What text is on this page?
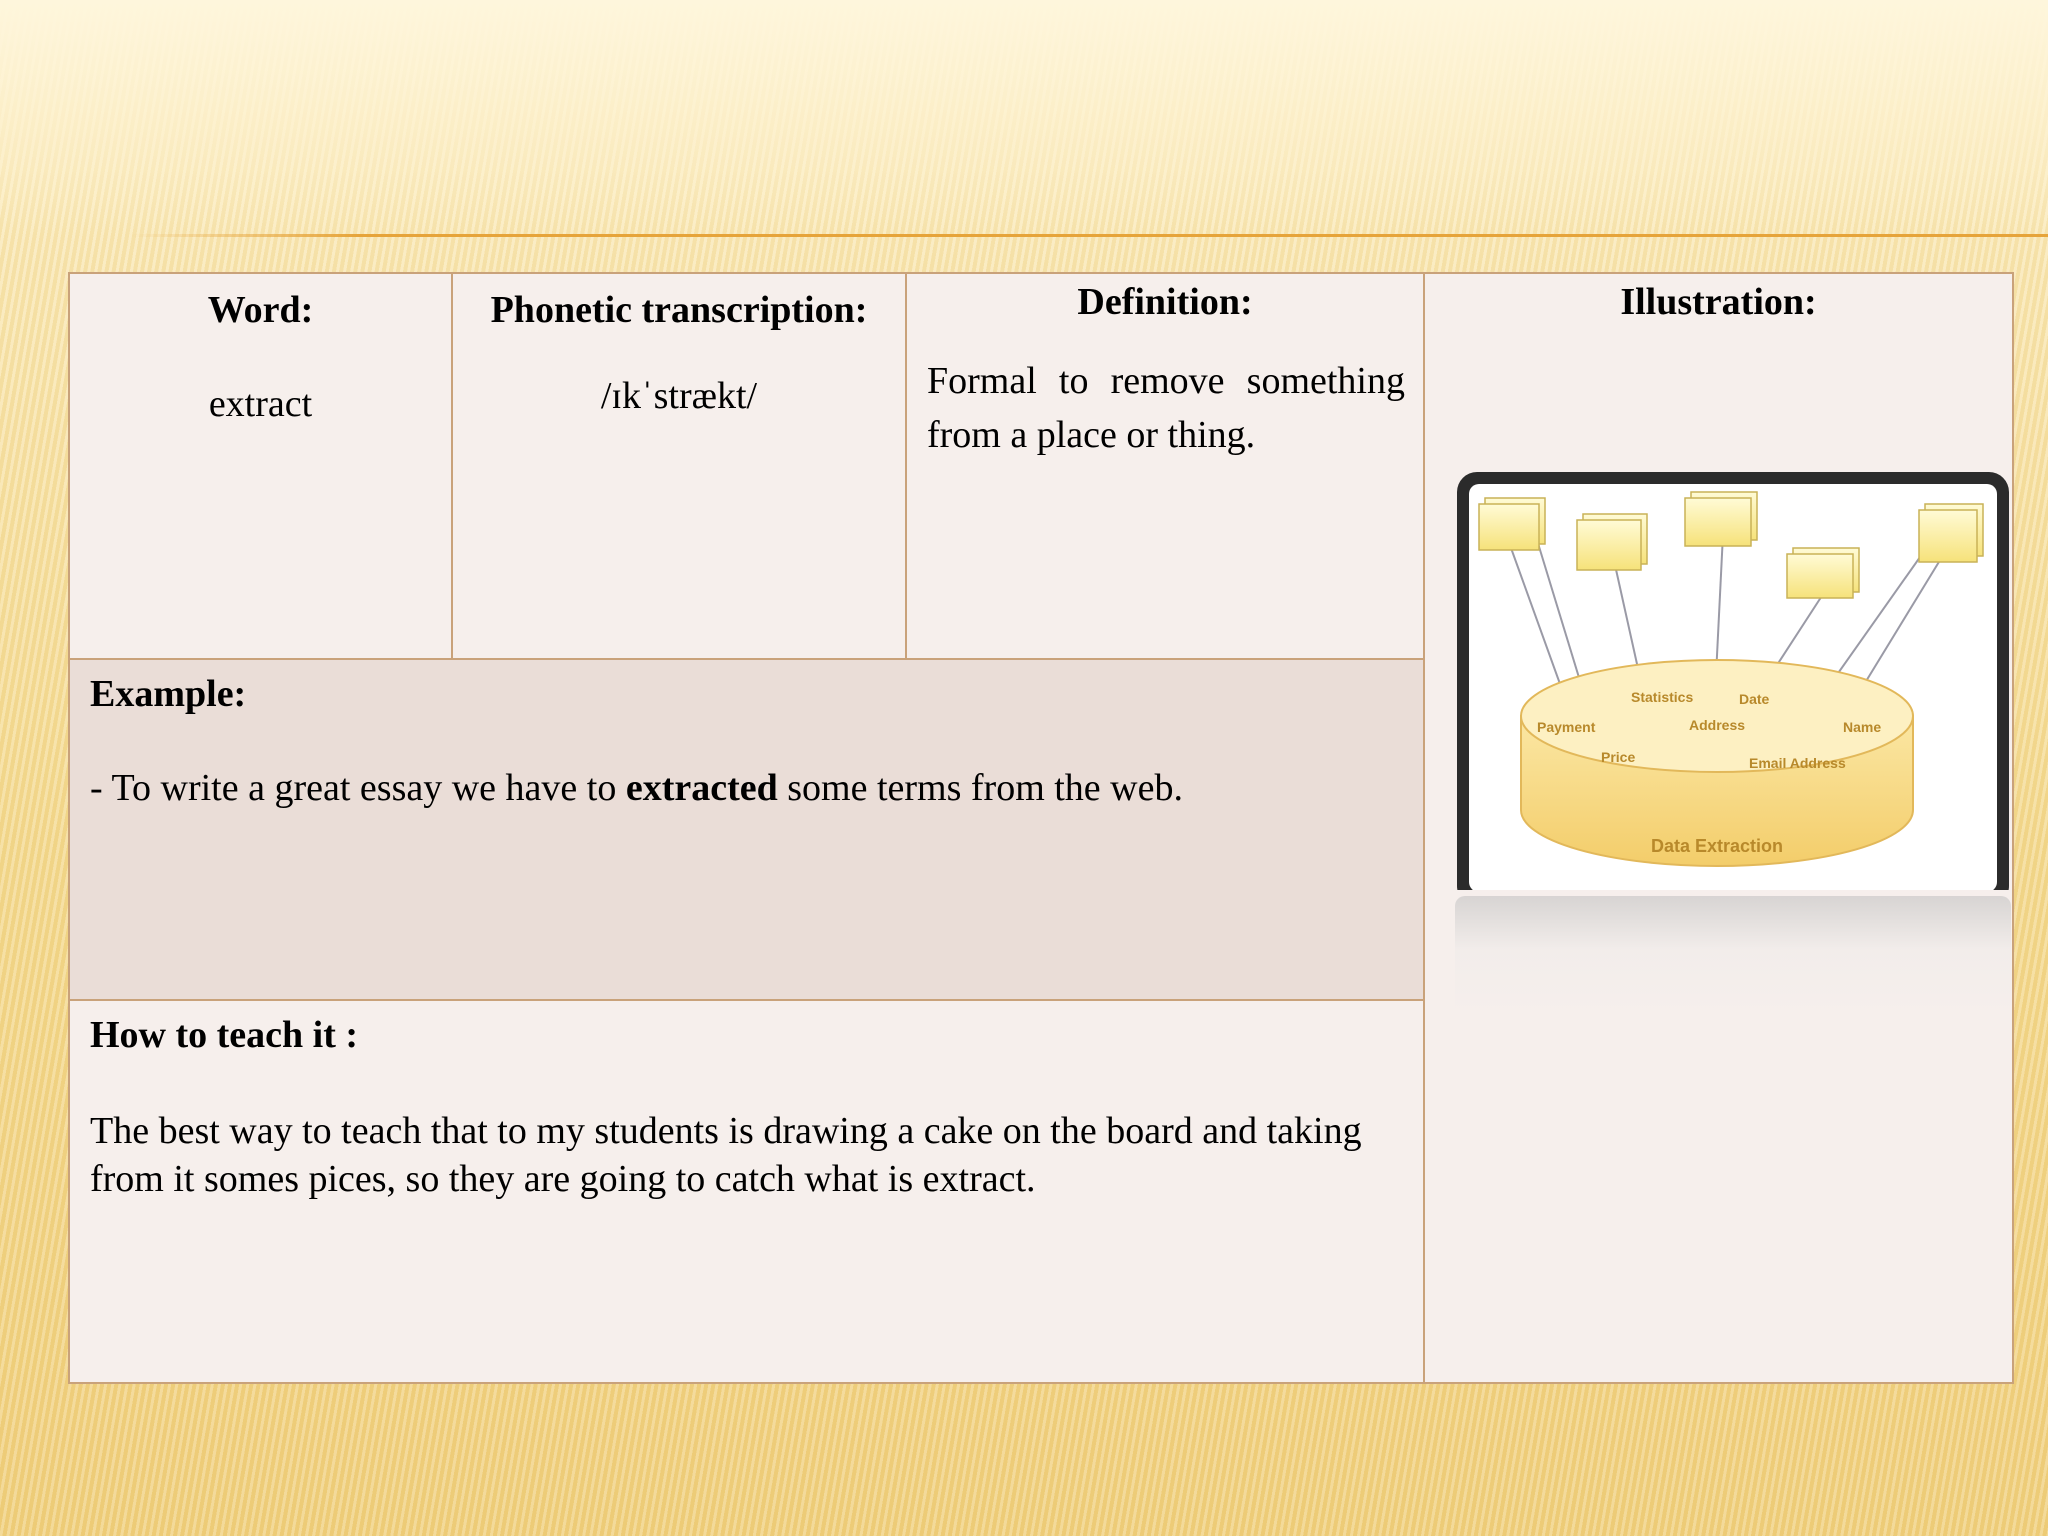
Word:
extract
Phonetic transcription:
/ɪkˈstrækt/
Definition:
Formal to remove something from a place or thing.
Example:
- To write a great essay we have to extracted some terms from the web.
How to teach it :
The best way to teach that to my students is drawing a cake on the board and taking from it somes pices, so they are going to catch what is extract.
Illustration:
Statistics	Date
Payment	Address	Name
Price	Email Address
Data Extraction
